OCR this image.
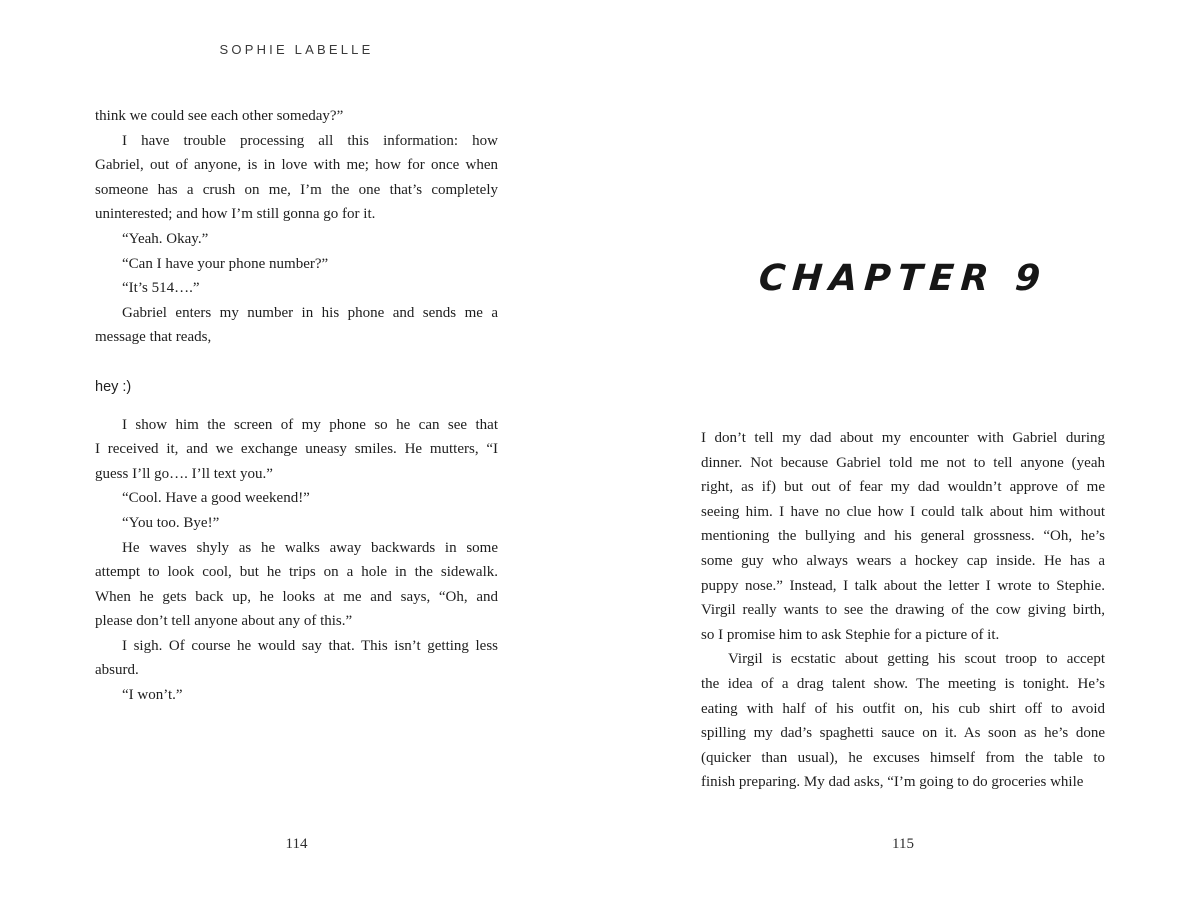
SOPHIE LABELLE
think we could see each other someday?”
I have trouble processing all this information: how
Gabriel, out of anyone, is in love with me; how for once when
someone has a crush on me, I’m the one that’s completely
uninterested; and how I’m still gonna go for it.
“Yeah. Okay.”
“Can I have your phone number?”
“It’s 514….”
Gabriel enters my number in his phone and sends me a
message that reads,
hey :)
I show him the screen of my phone so he can see that
I received it, and we exchange uneasy smiles. He mutters, “I
guess I’ll go…. I’ll text you.”
“Cool. Have a good weekend!”
“You too. Bye!”
He waves shyly as he walks away backwards in some
attempt to look cool, but he trips on a hole in the sidewalk.
When he gets back up, he looks at me and says, “Oh, and
please don’t tell anyone about any of this.”
I sigh. Of course he would say that. This isn’t getting less
absurd.
“I won’t.”
114
CHAPTER 9
I don’t tell my dad about my encounter with Gabriel during
dinner. Not because Gabriel told me not to tell anyone (yeah
right, as if) but out of fear my dad wouldn’t approve of me
seeing him. I have no clue how I could talk about him without
mentioning the bullying and his general grossness. “Oh, he’s
some guy who always wears a hockey cap inside. He has a
puppy nose.” Instead, I talk about the letter I wrote to Stephie.
Virgil really wants to see the drawing of the cow giving birth,
so I promise him to ask Stephie for a picture of it.
Virgil is ecstatic about getting his scout troop to accept
the idea of a drag talent show. The meeting is tonight. He’s
eating with half of his outfit on, his cub shirt off to avoid
spilling my dad’s spaghetti sauce on it. As soon as he’s done
(quicker than usual), he excuses himself from the table to
finish preparing. My dad asks, “I’m going to do groceries while
115
